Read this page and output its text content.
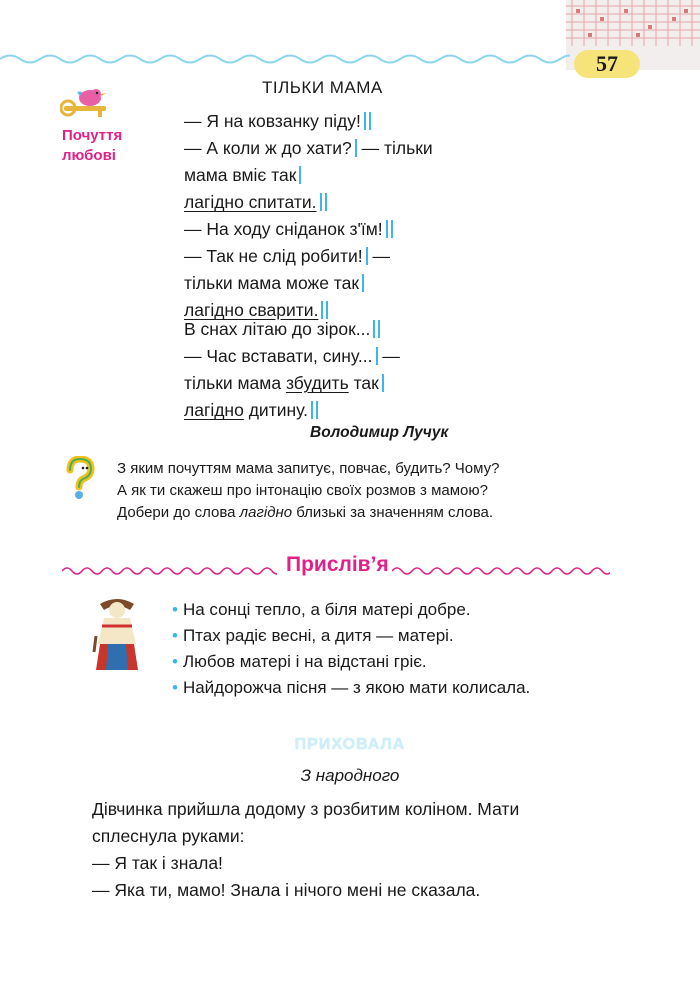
57
ТІЛЬКИ МАМА
Почуття
любові
— Я на ковзанку піду!
— А коли ж до хати? — тільки
мама вміє так
лагідно спитати.
— На ходу сніданок з'їм!
— Так не слід робити! —
тільки мама може так
лагідно сварити.
В снах літаю до зірок...
— Час вставати, сину... —
тільки мама збудить так
лагідно дитину.
Володимир Лучук
З яким почуттям мама запитує, повчає, будить? Чому?
А як ти скажеш про інтонацію своїх розмов з мамою?
Добери до слова лагідно близькі за значенням слова.
Прислів’я
• На сонці тепло, а біля матері добре.
• Птах радіє весні, а дитя — матері.
• Любов матері і на відстані гріє.
• Найдорожча пісня — з якою мати колисала.
ПРИХОВАЛА
З народного
Дівчинка прийшла додому з розбитим коліном. Мати
сплеснула руками:
— Я так і знала!
— Яка ти, мамо! Знала і нічого мені не сказала.
